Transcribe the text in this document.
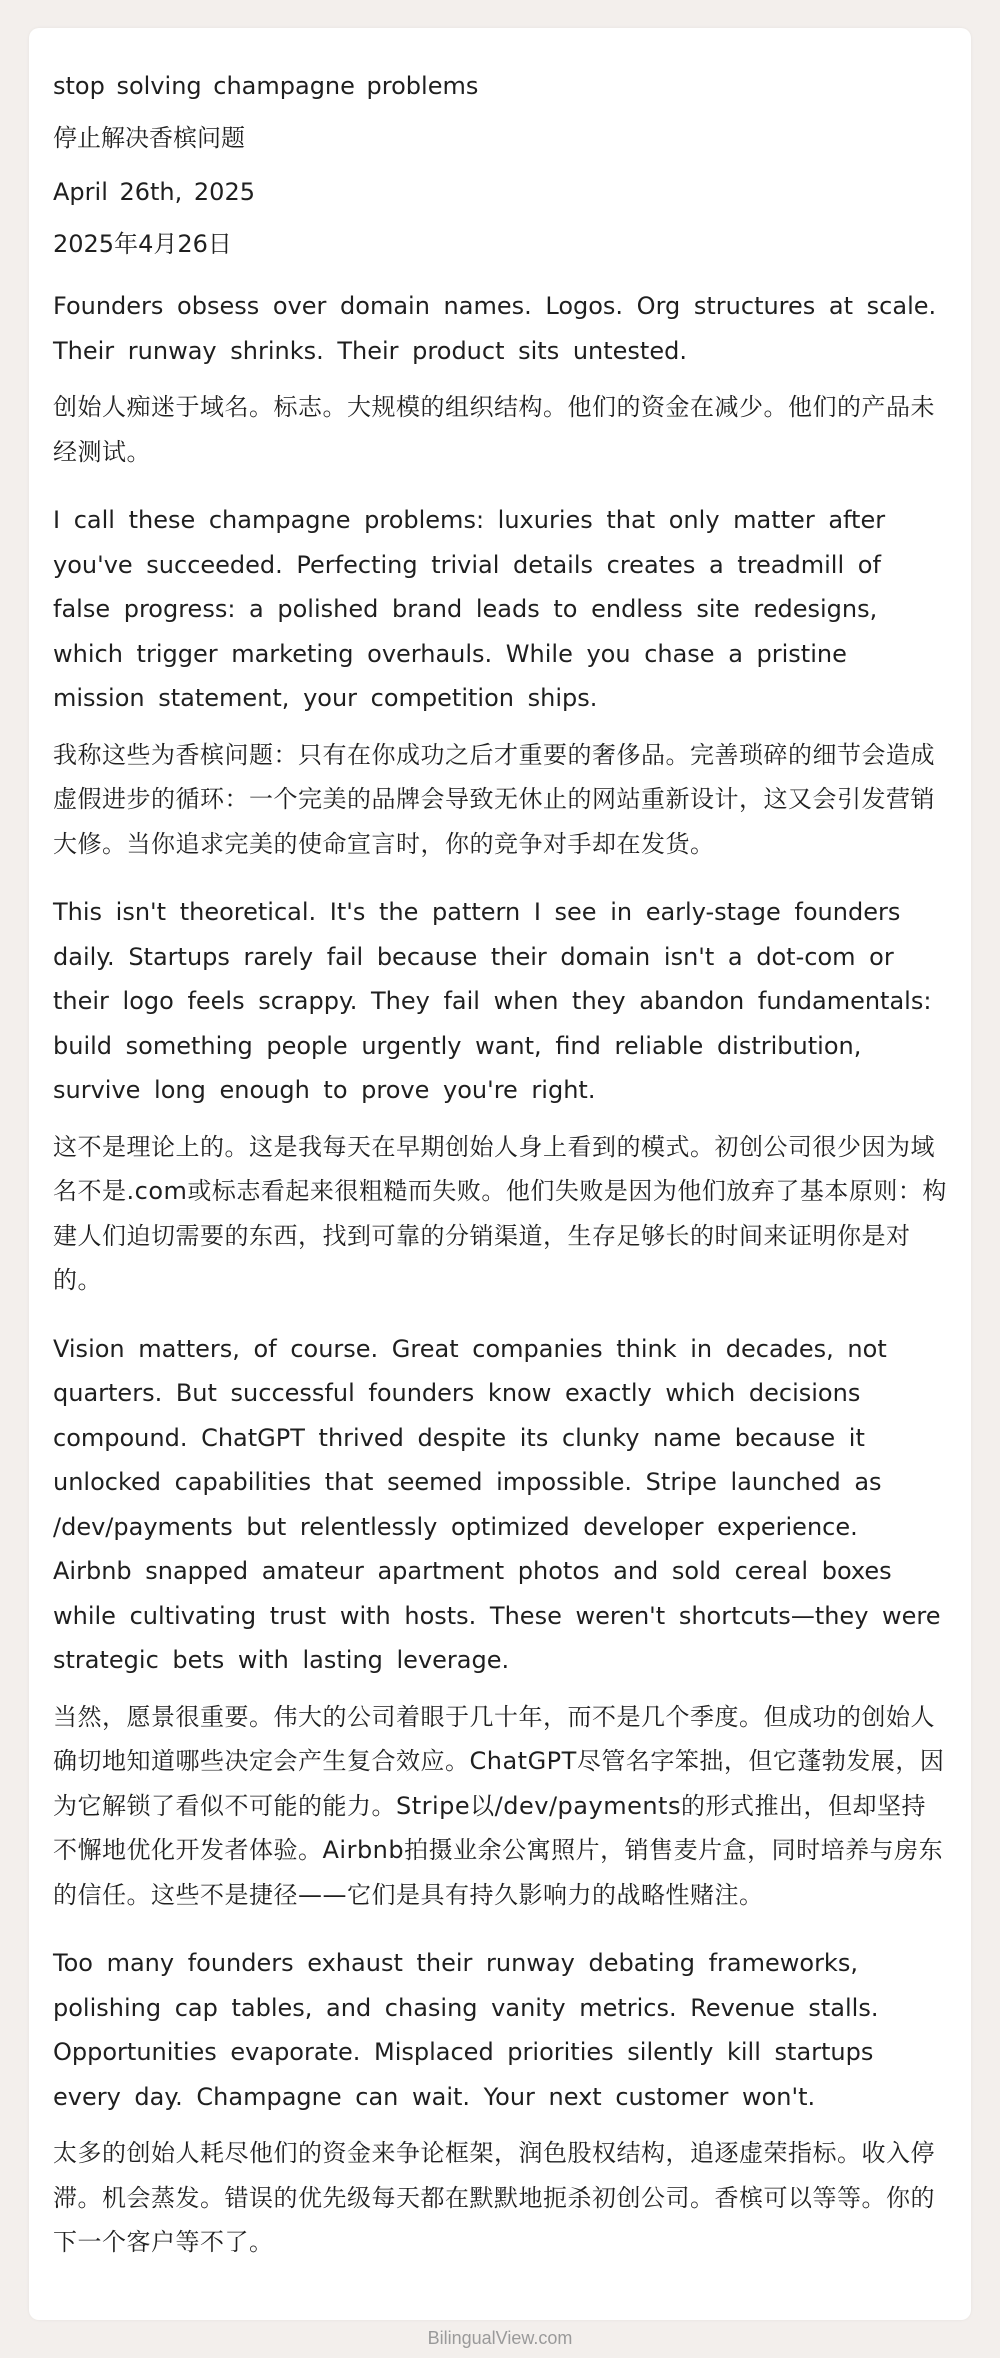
stop solving champagne problems

停止解决香槟问题

April 26th, 2025

2025年4月26日

Founders obsess over domain names. Logos. Org structures at scale. Their runway shrinks. Their product sits untested.

创始人痴迷于域名。标志。大规模的组织结构。他们的资金在减少。他们的产品未经测试。

I call these champagne problems: luxuries that only matter after you've succeeded. Perfecting trivial details creates a treadmill of false progress: a polished brand leads to endless site redesigns, which trigger marketing overhauls. While you chase a pristine mission statement, your competition ships.

我称这些为香槟问题：只有在你成功之后才重要的奢侈品。完善琐碎的细节会造成虚假进步的循环：一个完美的品牌会导致无休止的网站重新设计，这又会引发营销大修。当你追求完美的使命宣言时，你的竞争对手却在发货。

This isn't theoretical. It's the pattern I see in early-stage founders daily. Startups rarely fail because their domain isn't a dot-com or their logo feels scrappy. They fail when they abandon fundamentals: build something people urgently want, find reliable distribution, survive long enough to prove you're right.

这不是理论上的。这是我每天在早期创始人身上看到的模式。初创公司很少因为域名不是.com或标志看起来很粗糙而失败。他们失败是因为他们放弃了基本原则：构建人们迫切需要的东西，找到可靠的分销渠道，生存足够长的时间来证明你是对的。

Vision matters, of course. Great companies think in decades, not quarters. But successful founders know exactly which decisions compound. ChatGPT thrived despite its clunky name because it unlocked capabilities that seemed impossible. Stripe launched as /dev/payments but relentlessly optimized developer experience. Airbnb snapped amateur apartment photos and sold cereal boxes while cultivating trust with hosts. These weren't shortcuts—they were strategic bets with lasting leverage.

当然，愿景很重要。伟大的公司着眼于几十年，而不是几个季度。但成功的创始人确切地知道哪些决定会产生复合效应。ChatGPT尽管名字笨拙，但它蓬勃发展，因为它解锁了看似不可能的能力。Stripe以/dev/payments的形式推出，但却坚持不懈地优化开发者体验。Airbnb拍摄业余公寓照片，销售麦片盒，同时培养与房东的信任。这些不是捷径——它们是具有持久影响力的战略性赌注。

Too many founders exhaust their runway debating frameworks, polishing cap tables, and chasing vanity metrics. Revenue stalls. Opportunities evaporate. Misplaced priorities silently kill startups every day. Champagne can wait. Your next customer won't.

太多的创始人耗尽他们的资金来争论框架，润色股权结构，追逐虚荣指标。收入停滞。机会蒸发。错误的优先级每天都在默默地扼杀初创公司。香槟可以等等。你的下一个客户等不了。

BilingualView.com
